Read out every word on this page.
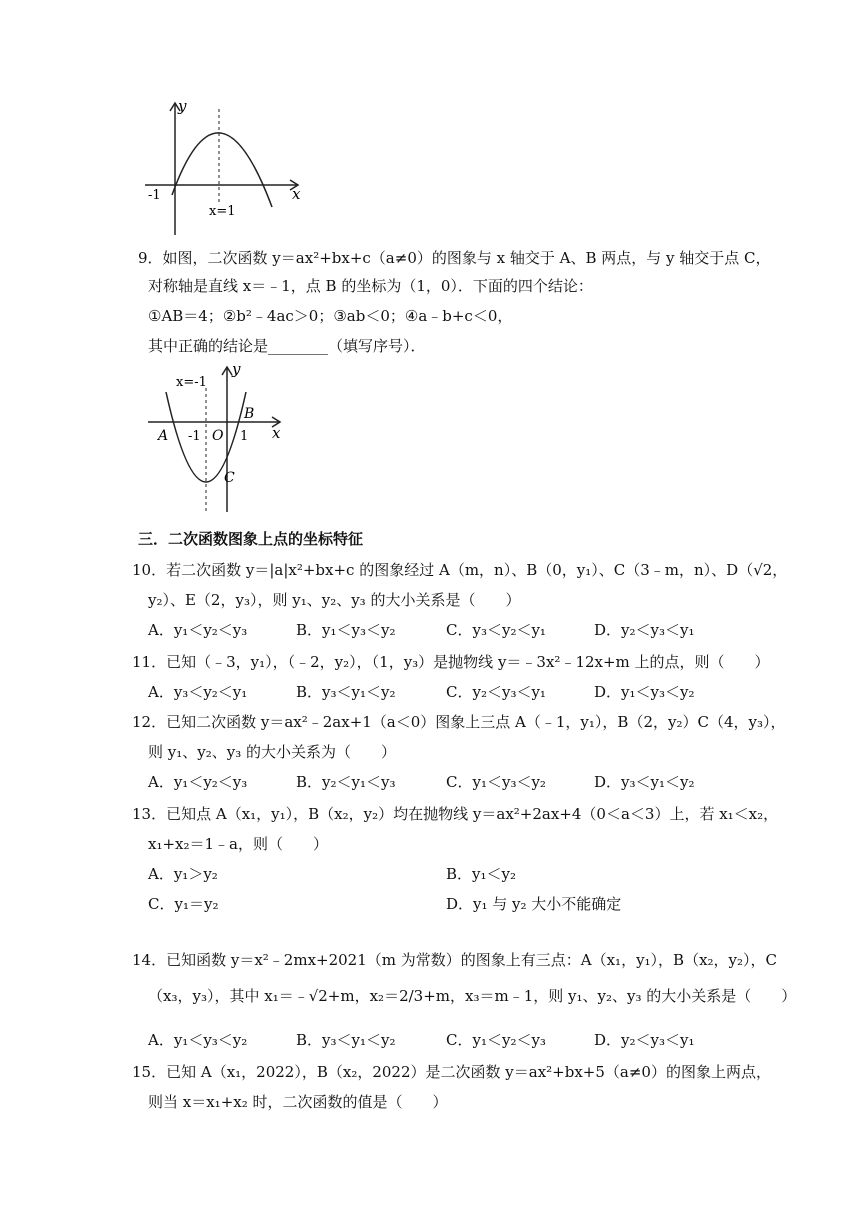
y
x
-1
x=1
9．如图，二次函数 y＝ax²+bx+c（a≠0）的图象与 x 轴交于 A、B 两点，与 y 轴交于点 C，
对称轴是直线 x＝﹣1，点 B 的坐标为（1，0）．下面的四个结论：
①AB＝4；②b²﹣4ac＞0；③ab＜0；④a﹣b+c＜0，
其中正确的结论是________（填写序号）．
x=-1
y
x
A -1 O 1
B
C
三．二次函数图象上点的坐标特征
10．若二次函数 y＝|a|x²+bx+c 的图象经过 A（m，n）、B（0，y₁）、C（3﹣m，n）、D（√2，
y₂）、E（2，y₃），则 y₁、y₂、y₃ 的大小关系是（　　）
A．y₁＜y₂＜y₃	B．y₁＜y₃＜y₂	C．y₃＜y₂＜y₁	D．y₂＜y₃＜y₁
11．已知（﹣3，y₁），（﹣2，y₂），（1，y₃）是抛物线 y＝﹣3x²﹣12x+m 上的点，则（　　）
A．y₃＜y₂＜y₁	B．y₃＜y₁＜y₂	C．y₂＜y₃＜y₁	D．y₁＜y₃＜y₂
12．已知二次函数 y＝ax²﹣2ax+1（a＜0）图象上三点 A（﹣1，y₁），B（2，y₂）C（4，y₃），
则 y₁、y₂、y₃ 的大小关系为（　　）
A．y₁＜y₂＜y₃	B．y₂＜y₁＜y₃	C．y₁＜y₃＜y₂	D．y₃＜y₁＜y₂
13．已知点 A（x₁，y₁），B（x₂，y₂）均在抛物线 y＝ax²+2ax+4（0＜a＜3）上，若 x₁＜x₂，
x₁+x₂＝1﹣a，则（　　）
A．y₁＞y₂	B．y₁＜y₂
C．y₁＝y₂	D．y₁ 与 y₂ 大小不能确定
14．已知函数 y＝x²﹣2mx+2021（m 为常数）的图象上有三点：A（x₁，y₁），B（x₂，y₂），C
（x₃，y₃），其中 x₁＝﹣√2+m，x₂＝2/3+m，x₃＝m﹣1，则 y₁、y₂、y₃ 的大小关系是（　　）
A．y₁＜y₃＜y₂	B．y₃＜y₁＜y₂	C．y₁＜y₂＜y₃	D．y₂＜y₃＜y₁
15．已知 A（x₁，2022），B（x₂，2022）是二次函数 y＝ax²+bx+5（a≠0）的图象上两点，
则当 x＝x₁+x₂ 时，二次函数的值是（　　）
